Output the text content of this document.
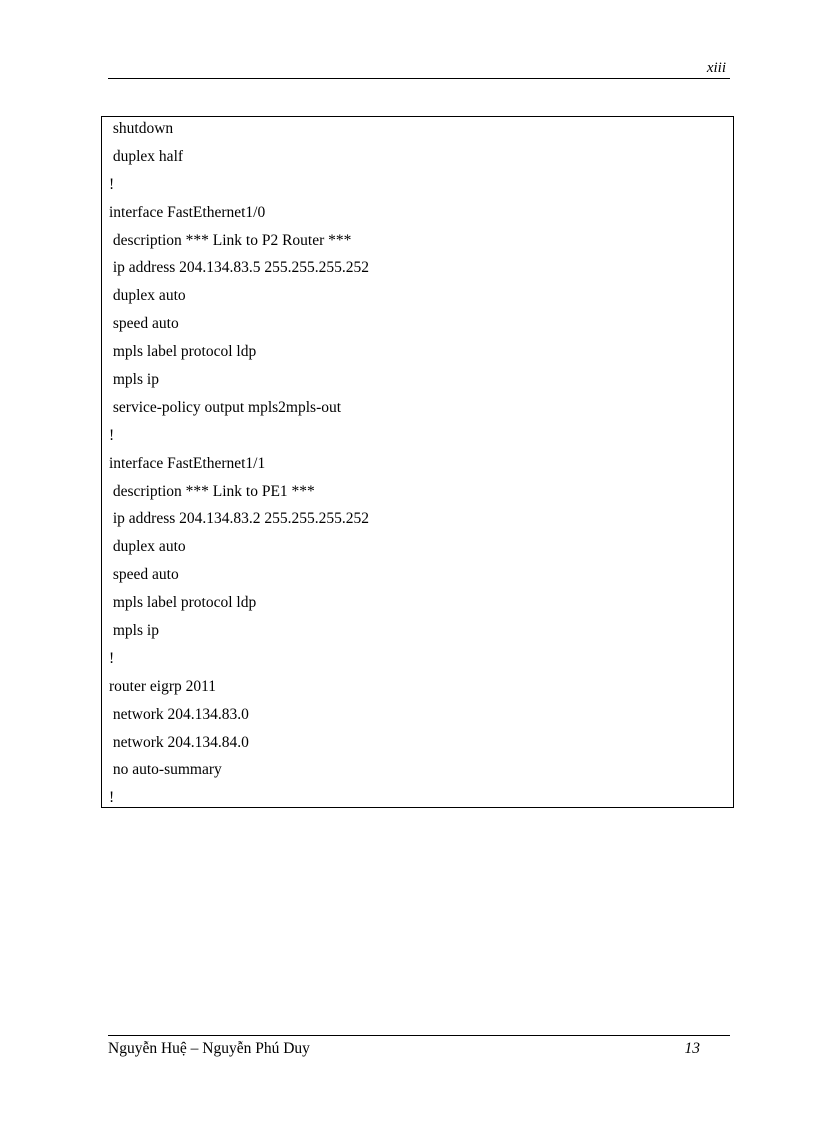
xiii
shutdown
duplex half
!
interface FastEthernet1/0
description *** Link to P2 Router ***
ip address 204.134.83.5 255.255.255.252
duplex auto
speed auto
mpls label protocol ldp
mpls ip
service-policy output mpls2mpls-out
!
interface FastEthernet1/1
description *** Link to PE1 ***
ip address 204.134.83.2 255.255.255.252
duplex auto
speed auto
mpls label protocol ldp
mpls ip
!
router eigrp 2011
network 204.134.83.0
network 204.134.84.0
no auto-summary
!
Nguyễn Huệ – Nguyễn Phú Duy	13
